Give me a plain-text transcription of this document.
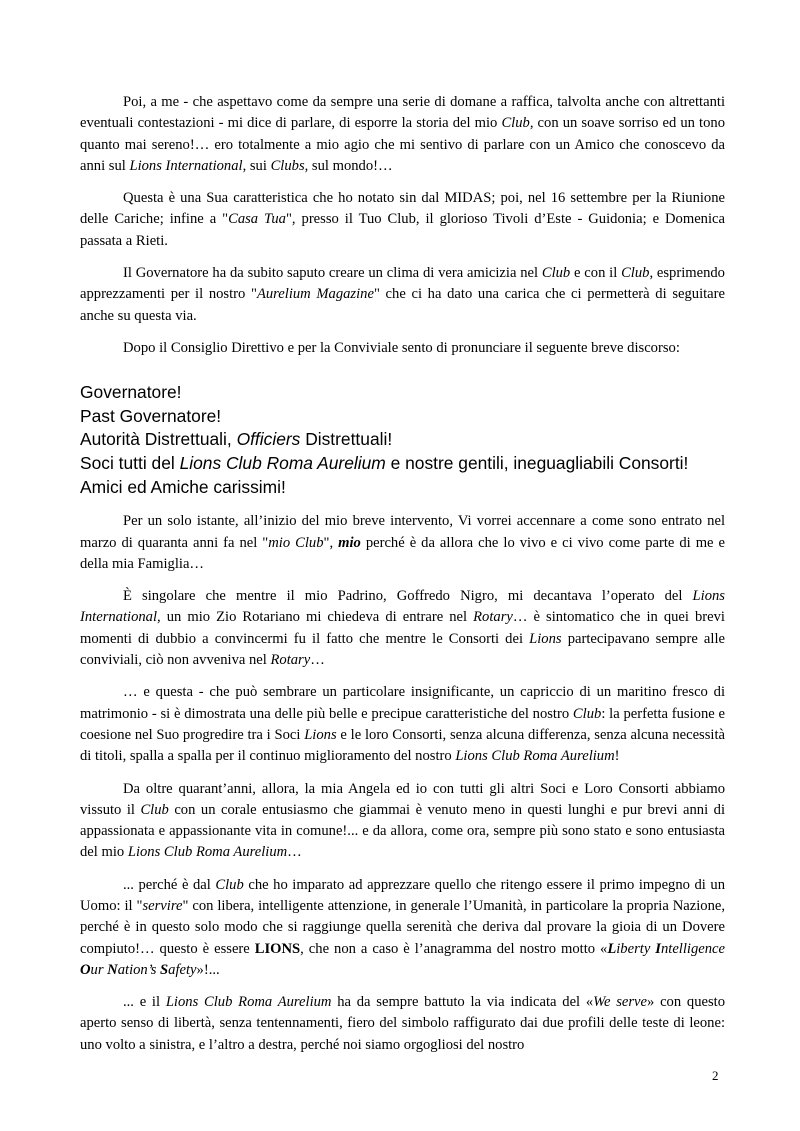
Poi, a me - che aspettavo come da sempre una serie di domane a raffica, talvolta anche con altrettanti eventuali contestazioni - mi dice di parlare, di esporre la storia del mio Club, con un soave sorriso ed un tono quanto mai sereno!… ero totalmente a mio agio che mi sentivo di parlare con un Amico che conoscevo da anni sul Lions International, sui Clubs, sul mondo!…

Questa è una Sua caratteristica che ho notato sin dal MIDAS; poi, nel 16 settembre per la Riunione delle Cariche; infine a "Casa Tua", presso il Tuo Club, il glorioso Tivoli d’Este - Guidonia; e Domenica passata a Rieti.

Il Governatore ha da subito saputo creare un clima di vera amicizia nel Club e con il Club, esprimendo apprezzamenti per il nostro "Aurelium Magazine" che ci ha dato una carica che ci permetterà di seguitare anche su questa via.

Dopo il Consiglio Direttivo e per la Conviviale sento di pronunciare il seguente breve discorso:

Governatore!
Past Governatore!
Autorità Distrettuali, Officiers Distrettuali!
Soci tutti del Lions Club Roma Aurelium e nostre gentili, ineguagliabili Consorti!
Amici ed Amiche carissimi!

Per un solo istante, all’inizio del mio breve intervento, Vi vorrei accennare a come sono entrato nel marzo di quaranta anni fa nel "mio Club", mio perché è da allora che lo vivo e ci vivo come parte di me e della mia Famiglia…

È singolare che mentre il mio Padrino, Goffredo Nigro, mi decantava l’operato del Lions International, un mio Zio Rotariano mi chiedeva di entrare nel Rotary… è sintomatico che in quei brevi momenti di dubbio a convincermi fu il fatto che mentre le Consorti dei Lions partecipavano sempre alle conviviali, ciò non avveniva nel Rotary…

… e questa - che può sembrare un particolare insignificante, un capriccio di un maritino fresco di matrimonio - si è dimostrata una delle più belle e precipue caratteristiche del nostro Club: la perfetta fusione e coesione nel Suo progredire tra i Soci Lions e le loro Consorti, senza alcuna differenza, senza alcuna necessità di titoli, spalla a spalla per il continuo miglioramento del nostro Lions Club Roma Aurelium!

Da oltre quarant’anni, allora, la mia Angela ed io con tutti gli altri Soci e Loro Consorti abbiamo vissuto il Club con un corale entusiasmo che giammai è venuto meno in questi lunghi e pur brevi anni di appassionata e appassionante vita in comune!... e da allora, come ora, sempre più sono stato e sono entusiasta del mio Lions Club Roma Aurelium…

... perché è dal Club che ho imparato ad apprezzare quello che ritengo essere il primo impegno di un Uomo: il "servire" con libera, intelligente attenzione, in generale l’Umanità, in particolare la propria Nazione, perché è in questo solo modo che si raggiunge quella serenità che deriva dal provare la gioia di un Dovere compiuto!… questo è essere LIONS, che non a caso è l’anagramma del nostro motto «Liberty Intelligence Our Nation’s Safety»!...

... e il Lions Club Roma Aurelium ha da sempre battuto la via indicata del «We serve» con questo aperto senso di libertà, senza tentennamenti, fiero del simbolo raffigurato dai due profili delle teste di leone: uno volto a sinistra, e l’altro a destra, perché noi siamo orgogliosi del nostro

2
